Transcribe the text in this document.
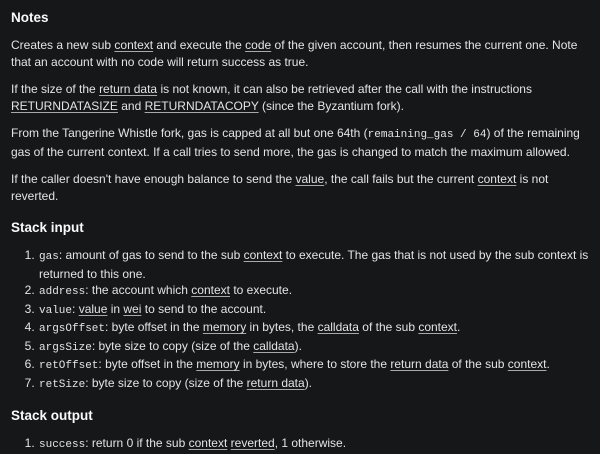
Notes

Creates a new sub context and execute the code of the given account, then resumes the current one. Note that an account with no code will return success as true.

If the size of the return data is not known, it can also be retrieved after the call with the instructions RETURNDATASIZE and RETURNDATACOPY (since the Byzantium fork).

From the Tangerine Whistle fork, gas is capped at all but one 64th (remaining_gas / 64) of the remaining gas of the current context. If a call tries to send more, the gas is changed to match the maximum allowed.

If the caller doesn't have enough balance to send the value, the call fails but the current context is not reverted.

Stack input
1. gas: amount of gas to send to the sub context to execute. The gas that is not used by the sub context is returned to this one.
2. address: the account which context to execute.
3. value: value in wei to send to the account.
4. argsOffset: byte offset in the memory in bytes, the calldata of the sub context.
5. argsSize: byte size to copy (size of the calldata).
6. retOffset: byte offset in the memory in bytes, where to store the return data of the sub context.
7. retSize: byte size to copy (size of the return data).
Stack output
1. success: return 0 if the sub context reverted, 1 otherwise.
